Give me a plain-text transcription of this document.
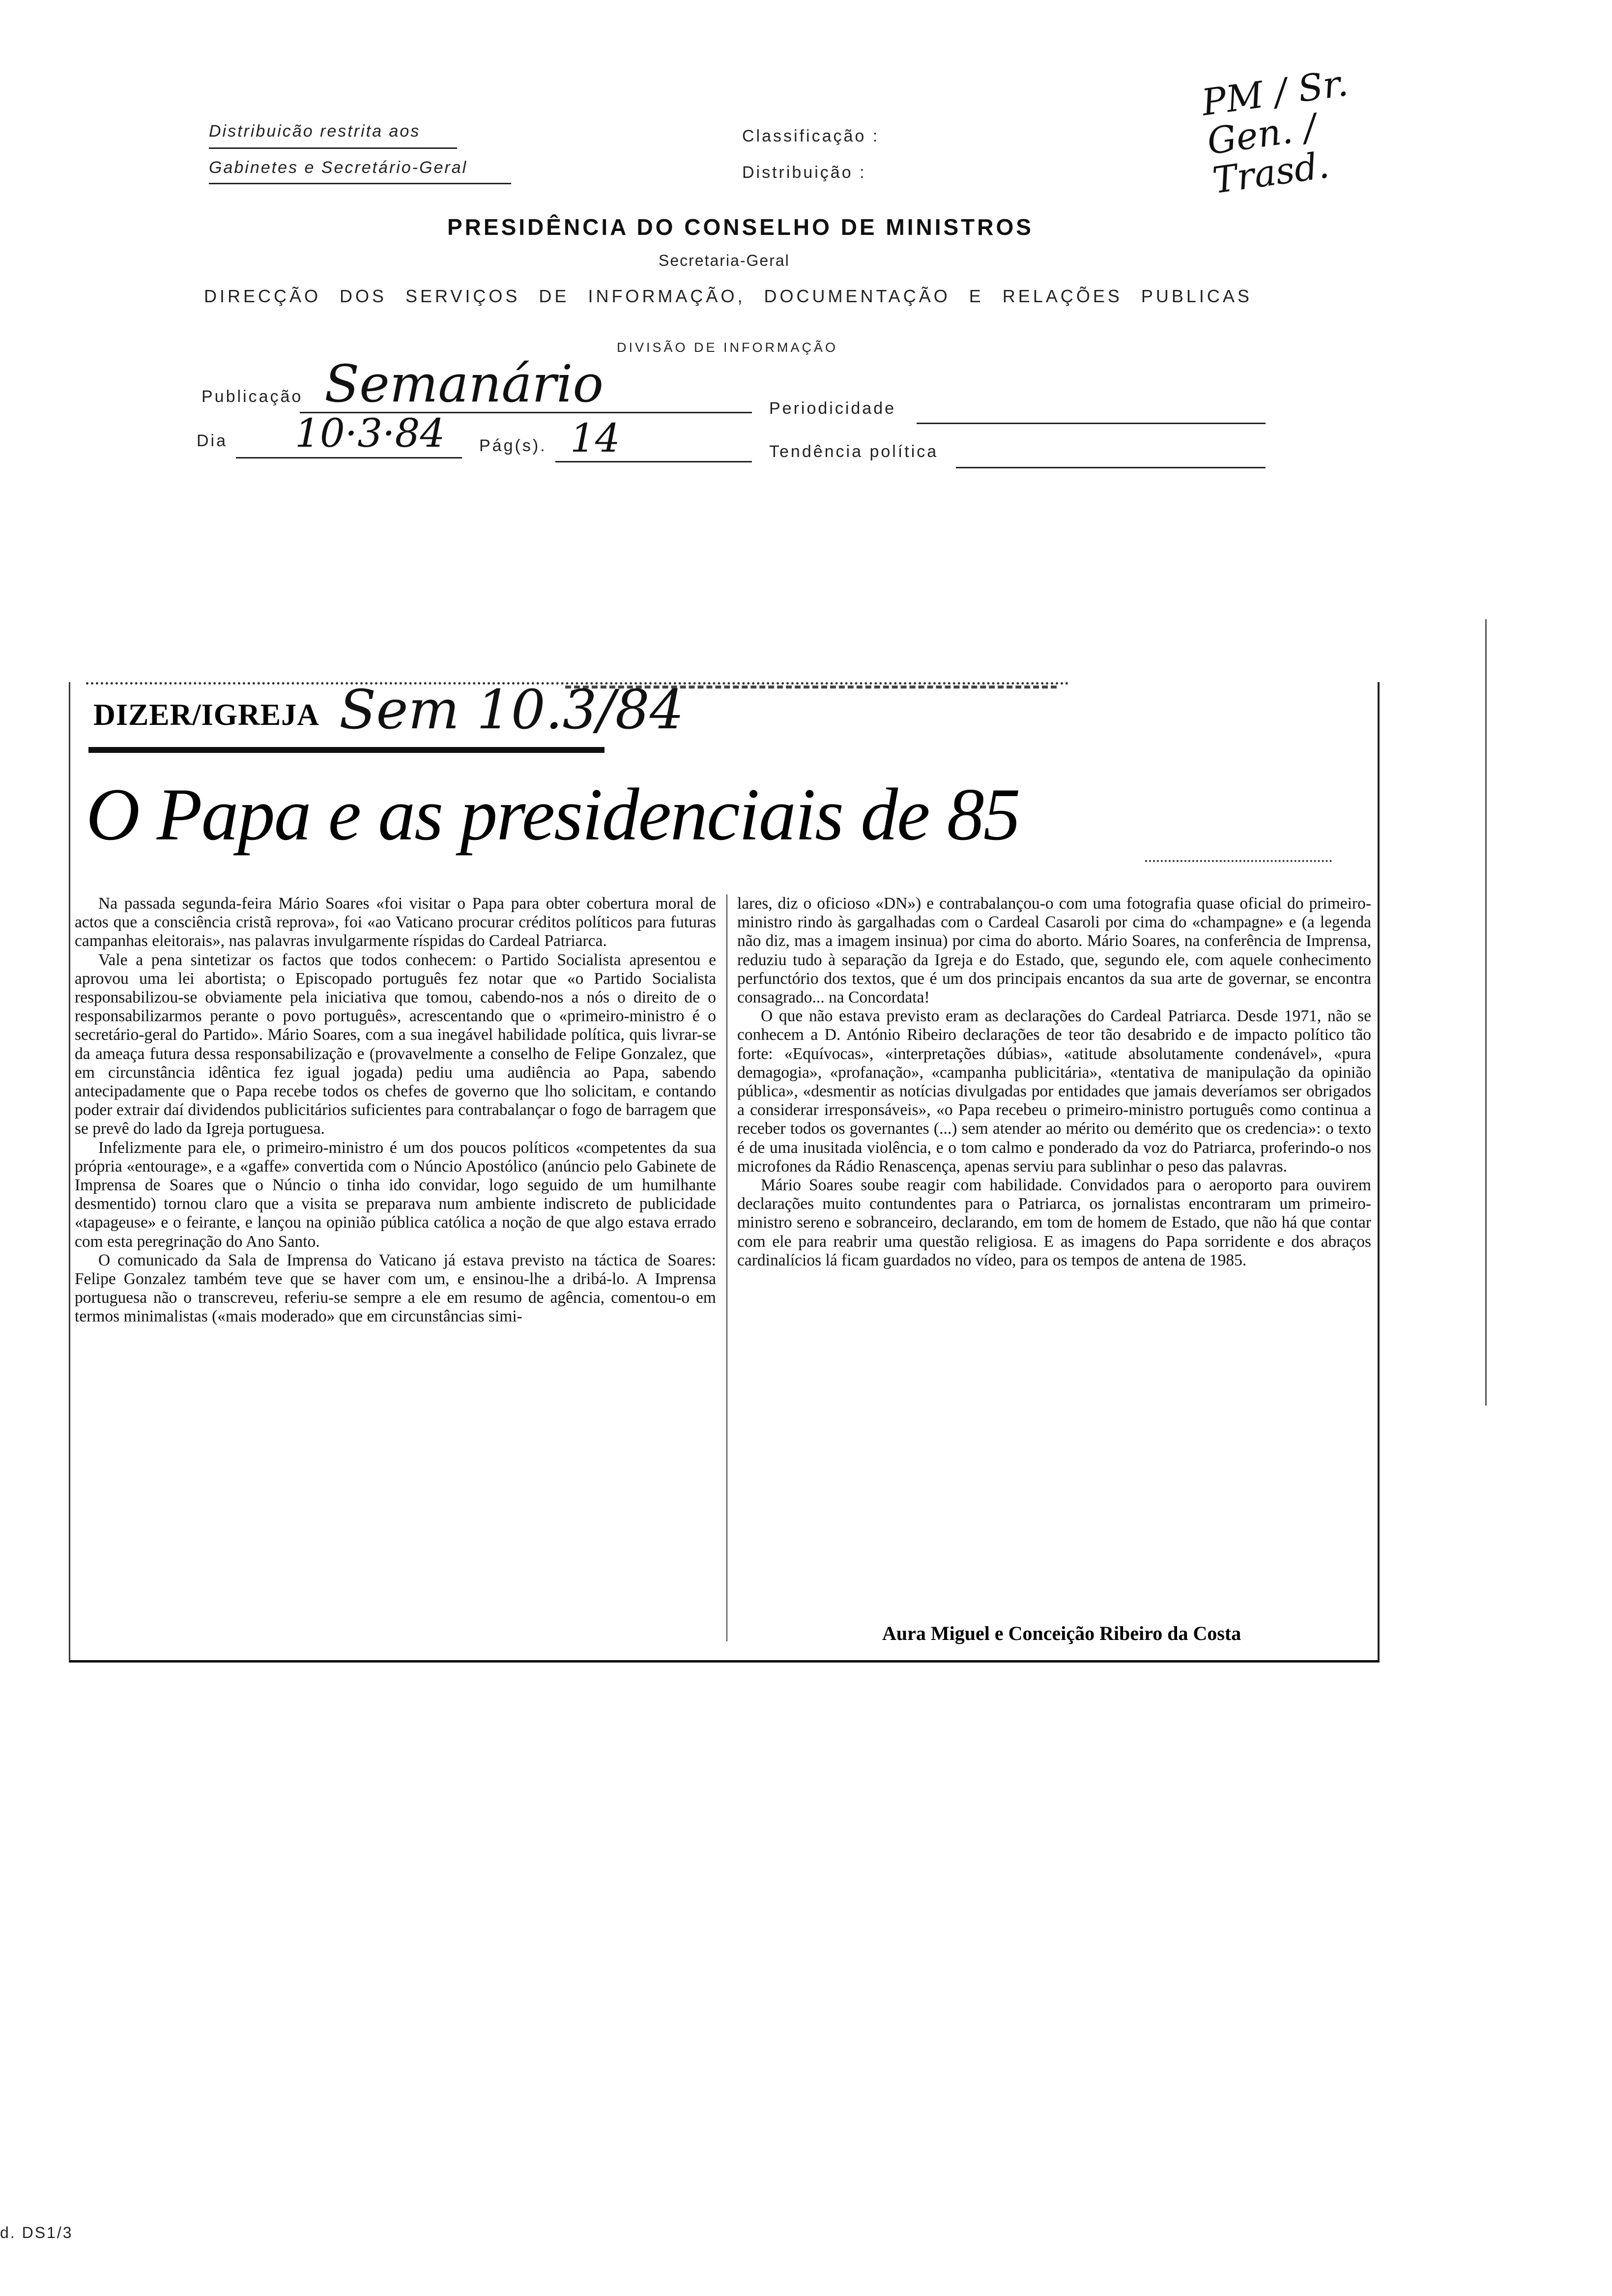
Distribuicão restrita aos
Gabinetes e Secretário-Geral
Classificação :
Distribuição :
PM / Sr. Gen. / Trasd.
PRESIDÊNCIA DO CONSELHO DE MINISTROS
Secretaria-Geral
DIRECÇÃO DOS SERVIÇOS DE INFORMAÇÃO, DOCUMENTAÇÃO E RELAÇÕES PUBLICAS
DIVISÃO DE INFORMAÇÃO
Publicação Semanário	Periodicidade
Dia 10·3·84 Pág(s). 14	Tendência política
DIZER/IGREJA Sem 10.3/84
O Papa e as presidenciais de 85

Na passada segunda-feira Mário Soares «foi visitar o Papa para obter cobertura moral de actos que a consciência cristã reprova», foi «ao Vaticano procurar créditos políticos para futuras campanhas eleitorais», nas palavras invulgarmente ríspidas do Cardeal Patriarca.

Vale a pena sintetizar os factos que todos conhecem: o Partido Socialista apresentou e aprovou uma lei abortista; o Episcopado português fez notar que «o Partido Socialista responsabilizou-se obviamente pela iniciativa que tomou, cabendo-nos a nós o direito de o responsabilizarmos perante o povo português», acrescentando que o «primeiro-ministro é o secretário-geral do Partido». Mário Soares, com a sua inegável habilidade política, quis livrar-se da ameaça futura dessa responsabilização e (provavelmente a conselho de Felipe Gonzalez, que em circunstância idêntica fez igual jogada) pediu uma audiência ao Papa, sabendo antecipadamente que o Papa recebe todos os chefes de governo que lho solicitam, e contando poder extrair daí dividendos publicitários suficientes para contrabalançar o fogo de barragem que se prevê do lado da Igreja portuguesa.

Infelizmente para ele, o primeiro-ministro é um dos poucos políticos «competentes da sua própria «entourage», e a «gaffe» convertida com o Núncio Apostólico (anúncio pelo Gabinete de Imprensa de Soares que o Núncio o tinha ido convidar, logo seguido de um humilhante desmentido) tornou claro que a visita se preparava num ambiente indiscreto de publicidade «tapageuse» e o feirante, e lançou na opinião pública católica a noção de que algo estava errado com esta peregrinação do Ano Santo.

O comunicado da Sala de Imprensa do Vaticano já estava previsto na táctica de Soares: Felipe Gonzalez também teve que se haver com um, e ensinou-lhe a dribá-lo. A Imprensa portuguesa não o transcreveu, referiu-se sempre a ele em resumo de agência, comentou-o em termos minimalistas («mais moderado» que em circunstâncias simi-

lares, diz o oficioso «DN») e contrabalançou-o com uma fotografia quase oficial do primeiro-ministro rindo às gargalhadas com o Cardeal Casaroli por cima do «champagne» e (a legenda não diz, mas a imagem insinua) por cima do aborto. Mário Soares, na conferência de Imprensa, reduziu tudo à separação da Igreja e do Estado, que, segundo ele, com aquele conhecimento perfunctório dos textos, que é um dos principais encantos da sua arte de governar, se encontra consagrado... na Concordata!

O que não estava previsto eram as declarações do Cardeal Patriarca. Desde 1971, não se conhecem a D. António Ribeiro declarações de teor tão desabrido e de impacto político tão forte: «Equívocas», «interpretações dúbias», «atitude absolutamente condenável», «pura demagogia», «profanação», «campanha publicitária», «tentativa de manipulação da opinião pública», «desmentir as notícias divulgadas por entidades que jamais deveríamos ser obrigados a considerar irresponsáveis», «o Papa recebeu o primeiro-ministro português como continua a receber todos os governantes (...) sem atender ao mérito ou demérito que os credencia»: o texto é de uma inusitada violência, e o tom calmo e ponderado da voz do Patriarca, proferindo-o nos microfones da Rádio Renascença, apenas serviu para sublinhar o peso das palavras.

Mário Soares soube reagir com habilidade. Convidados para o aeroporto para ouvirem declarações muito contundentes para o Patriarca, os jornalistas encontraram um primeiro-ministro sereno e sobranceiro, declarando, em tom de homem de Estado, que não há que contar com ele para reabrir uma questão religiosa. E as imagens do Papa sorridente e dos abraços cardinalícios lá ficam guardados no vídeo, para os tempos de antena de 1985.

Aura Miguel e Conceição Ribeiro da Costa
d. DS1/3
